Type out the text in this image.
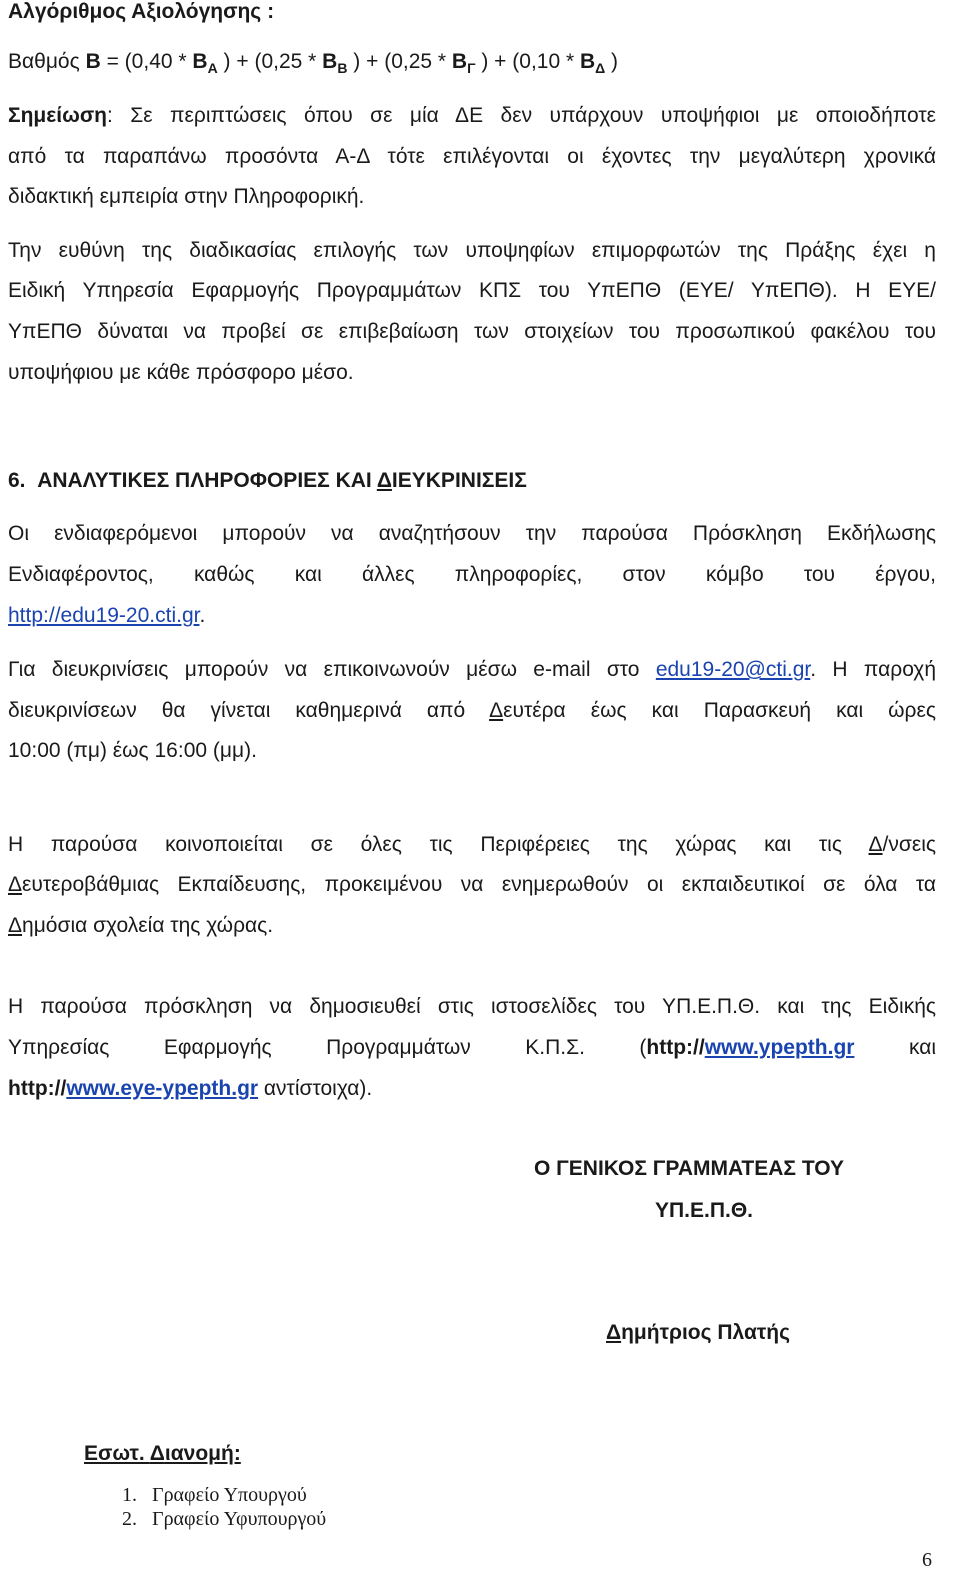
Αλγόριθμος Αξιολόγησης :
Βαθμός $B = (0,40 * B_A$ ) + ($0,25 * B_B$ ) + ($0,25 * B_\Gamma$ ) + ($0,10 * B_\Delta$ )
Σημείωση: Σε περιπτώσεις όπου σε μία ΔΕ δεν υπάρχουν υποψήφιοι με οποιοδήποτε
από τα παραπάνω προσόντα Α-Δ τότε επιλέγονται οι έχοντες την μεγαλύτερη χρονικά
διδακτική εμπειρία στην Πληροφορική.
Την ευθύνη της διαδικασίας επιλογής των υποψηφίων επιμορφωτών της Πράξης έχει η
Ειδική Υπηρεσία Εφαρμογής Προγραμμάτων ΚΠΣ του ΥπΕΠΘ (ΕΥΕ/ ΥπΕΠΘ). Η ΕΥΕ/
ΥπΕΠΘ δύναται να προβεί σε επιβεβαίωση των στοιχείων του προσωπικού φακέλου του
υποψήφιου με κάθε πρόσφορο μέσο.
6. ΑΝΑΛΥΤΙΚΕΣ ΠΛΗΡΟΦΟΡΙΕΣ ΚΑΙ ΔΙΕΥΚΡΙΝΙΣΕΙΣ
Οι ενδιαφερόμενοι μπορούν να αναζητήσουν την παρούσα Πρόσκληση Εκδήλωσης
Ενδιαφέροντος, καθώς και άλλες πληροφορίες, στον κόμβο του έργου,
http://edu19-20.cti.gr.
Για διευκρινίσεις μπορούν να επικοινωνούν μέσω e-mail στο edu19-20@cti.gr. Η παροχή
διευκρινίσεων θα γίνεται καθημερινά από Δευτέρα έως και Παρασκευή και ώρες
10:00 (πμ) έως 16:00 (μμ).
Η παρούσα κοινοποιείται σε όλες τις Περιφέρειες της χώρας και τις Δ/νσεις
Δευτεροβάθμιας Εκπαίδευσης, προκειμένου να ενημερωθούν οι εκπαιδευτικοί σε όλα τα
Δημόσια σχολεία της χώρας.
Η παρούσα πρόσκληση να δημοσιευθεί στις ιστοσελίδες του ΥΠ.Ε.Π.Θ. και της Ειδικής
Υπηρεσίας Εφαρμογής Προγραμμάτων Κ.Π.Σ. (http://www.ypepth.gr και
http://www.eye-ypepth.gr αντίστοιχα).
Ο ΓΕΝΙΚΟΣ ΓΡΑΜΜΑΤΕΑΣ ΤΟΥ
ΥΠ.Ε.Π.Θ.
Δημήτριος Πλατής
Εσωτ. Διανομή:
1. Γραφείο Υπουργού
2. Γραφείο Υφυπουργού
6
